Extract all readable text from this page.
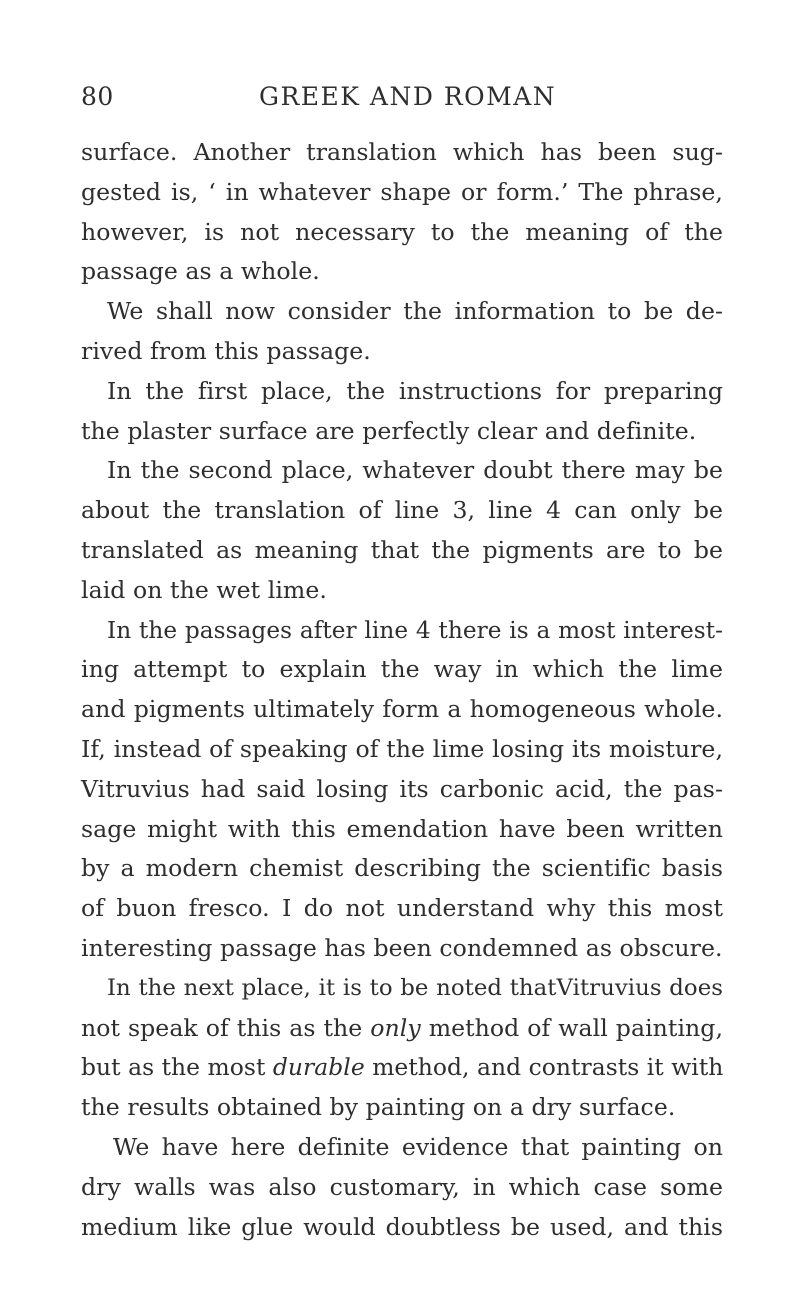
80	GREEK AND ROMAN
surface. Another translation which has been sug-
gested is, ‘ in whatever shape or form.’ The phrase,
however, is not necessary to the meaning of the
passage as a whole.
We shall now consider the information to be de-
rived from this passage.
In the first place, the instructions for preparing
the plaster surface are perfectly clear and definite.
In the second place, whatever doubt there may be
about the translation of line 3, line 4 can only be
translated as meaning that the pigments are to be
laid on the wet lime.
In the passages after line 4 there is a most interest-
ing attempt to explain the way in which the lime
and pigments ultimately form a homogeneous whole.
If, instead of speaking of the lime losing its moisture,
Vitruvius had said losing its carbonic acid, the pas-
sage might with this emendation have been written
by a modern chemist describing the scientific basis
of buon fresco. I do not understand why this most
interesting passage has been condemned as obscure.
In the next place, it is to be noted thatVitruvius does
not speak of this as the only method of wall painting,
but as the most durable method, and contrasts it with
the results obtained by painting on a dry surface.
We have here definite evidence that painting on
dry walls was also customary, in which case some
medium like glue would doubtless be used, and this
